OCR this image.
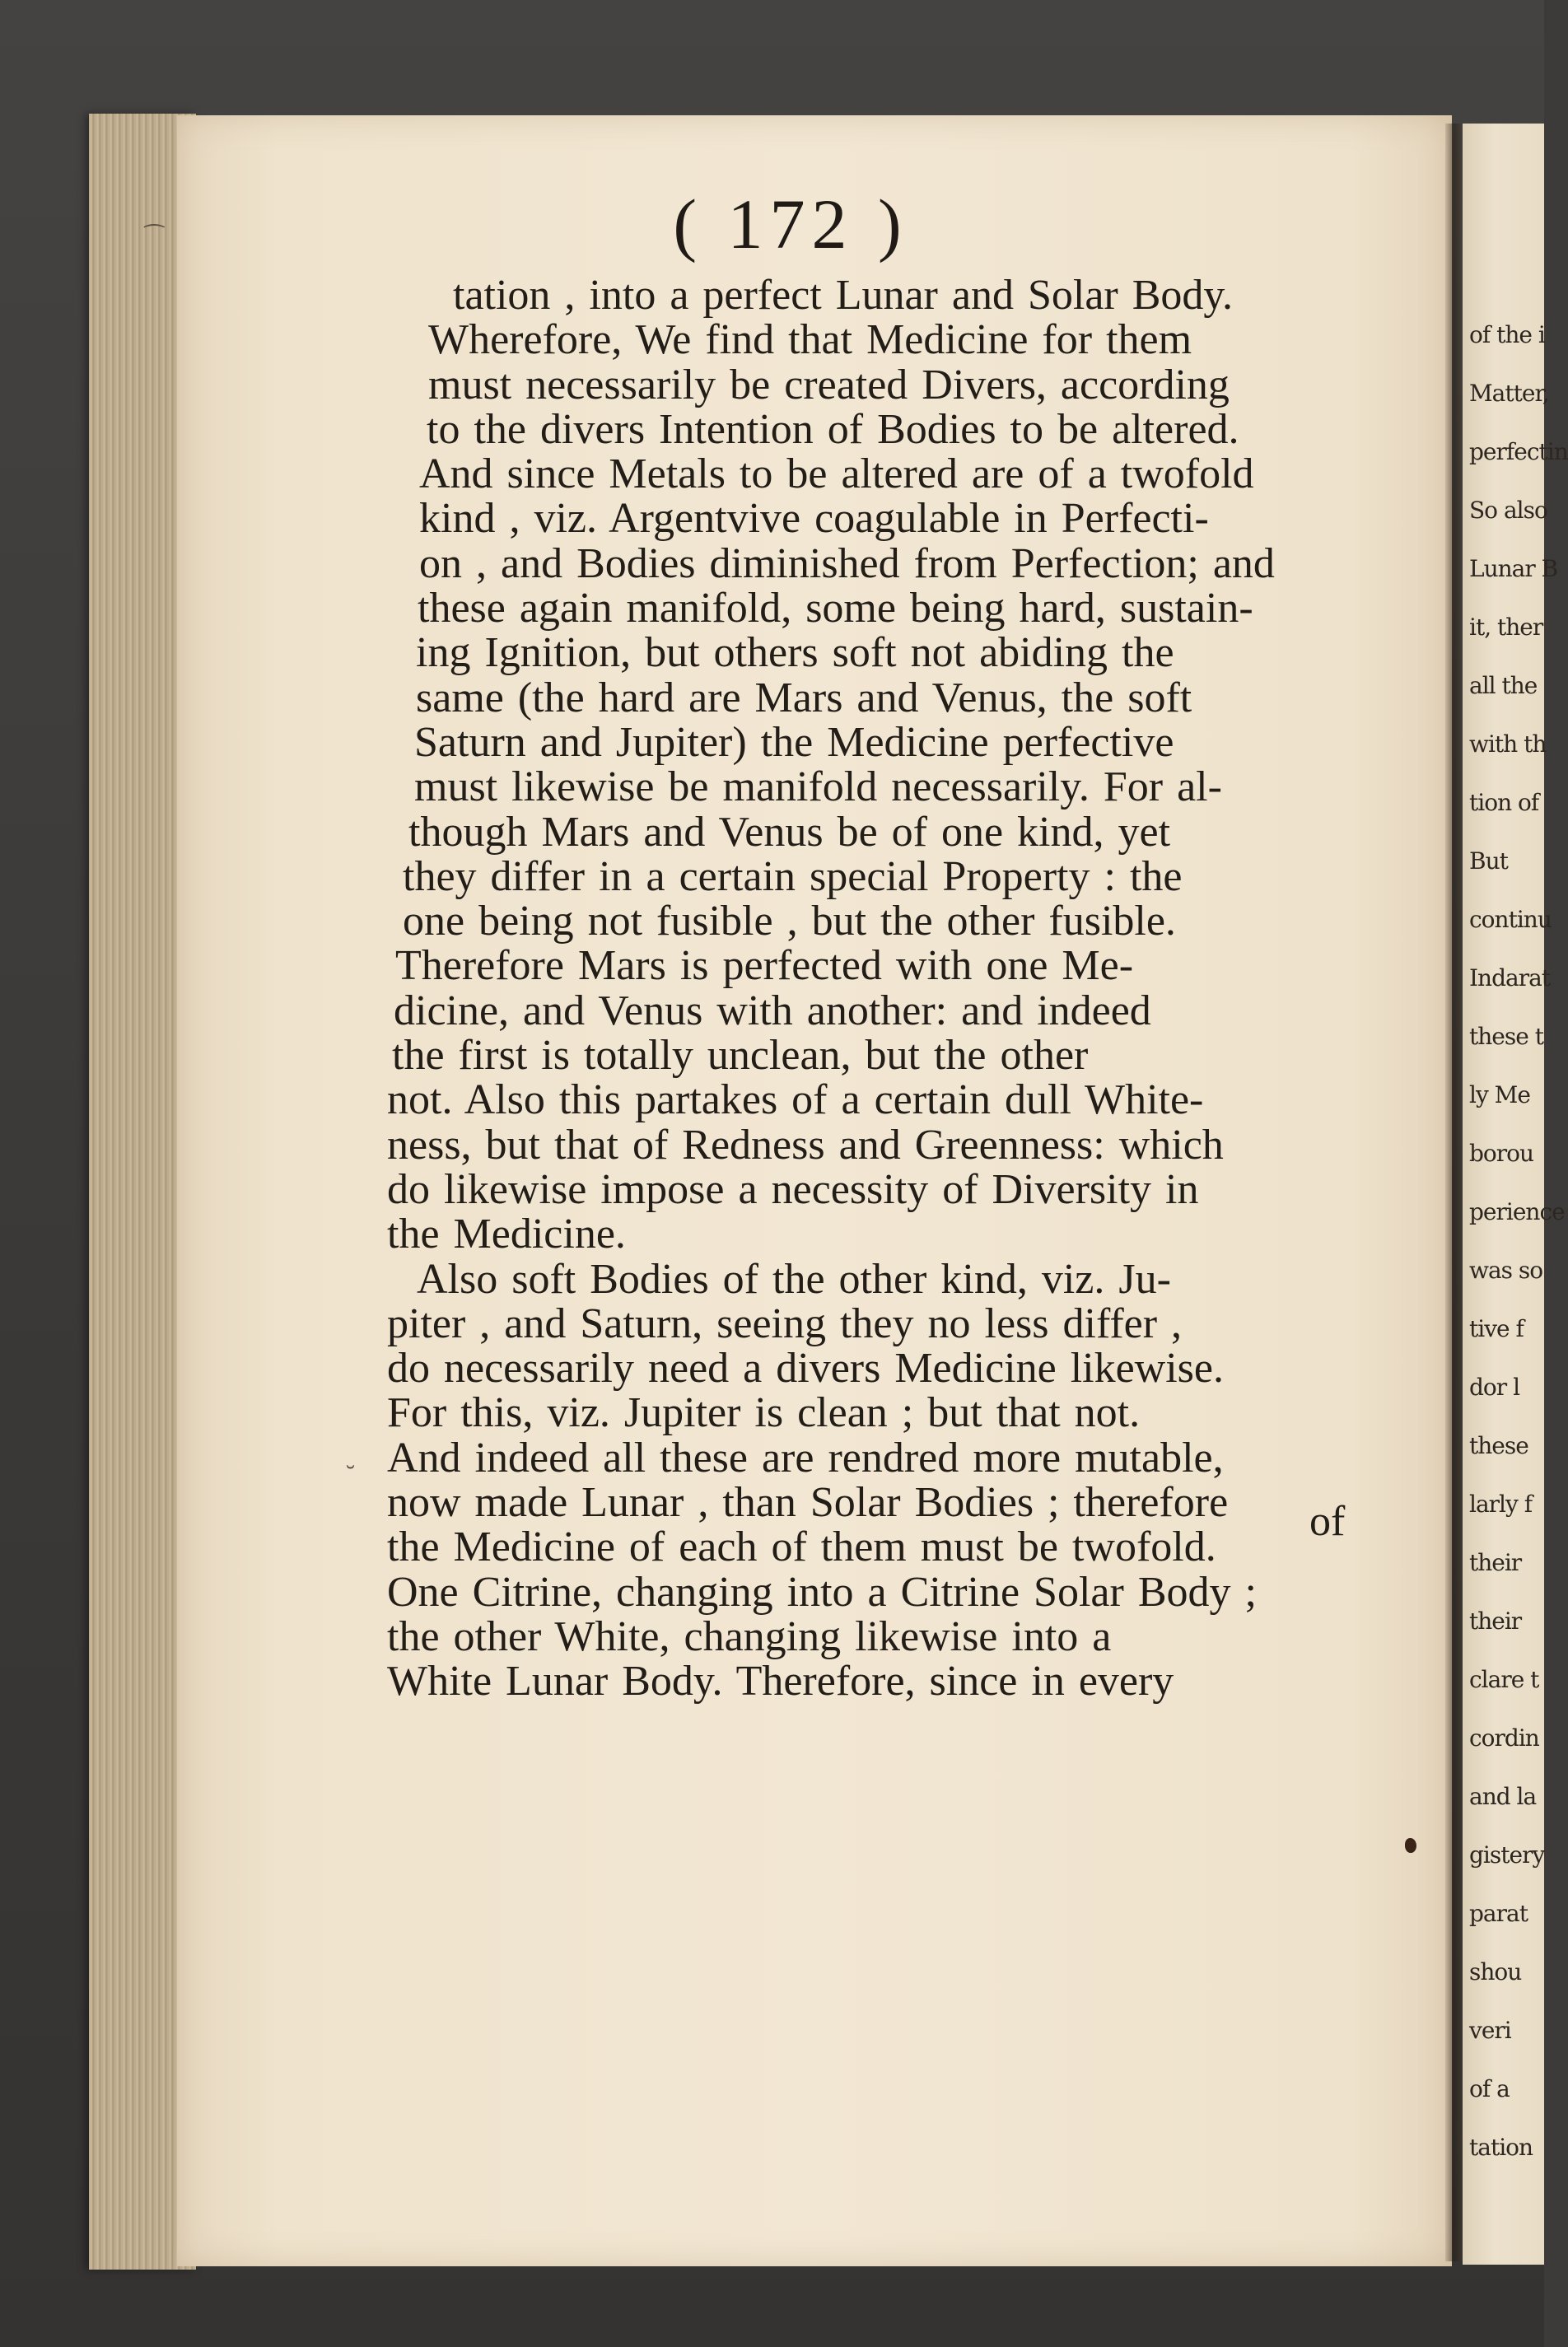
of the i
Matter,
perfectin
So also
Lunar B
it, ther
all the
with th
tion of
But
continu
Indarat
these t
ly Me
borou
perience
was so
tive f
dor l
these
larly f
their
their
clare t
cordin
and la
gistery
parat
shou
veri
of a
tation
⁀
˘
( 172 )
tation , into a perfect Lunar and Solar Body.
Wherefore, We find that Medicine for them
must necessarily be created Divers, according
to the divers Intention of Bodies to be altered.
And since Metals to be altered are of a twofold
kind , viz. Argentvive coagulable in Perfecti-
on , and Bodies diminished from Perfection; and
these again manifold, some being hard, sustain-
ing Ignition, but others soft not abiding the
same (the hard are Mars and Venus, the soft
Saturn and Jupiter) the Medicine perfective
must likewise be manifold necessarily. For al-
though Mars and Venus be of one kind, yet
they differ in a certain special Property : the
one being not fusible , but the other fusible.
Therefore Mars is perfected with one Me-
dicine, and Venus with another: and indeed
the first is totally unclean, but the other
not. Also this partakes of a certain dull White-
ness, but that of Redness and Greenness: which
do likewise impose a necessity of Diversity in
the Medicine.
Also soft Bodies of the other kind, viz. Ju-
piter , and Saturn, seeing they no less differ ,
do necessarily need a divers Medicine likewise.
For this, viz. Jupiter is clean ; but that not.
And indeed all these are rendred more mutable,
now made Lunar , than Solar Bodies ; therefore
the Medicine of each of them must be twofold.
One Citrine, changing into a Citrine Solar Body ;
the other White, changing likewise into a
White Lunar Body. Therefore, since in every
of
